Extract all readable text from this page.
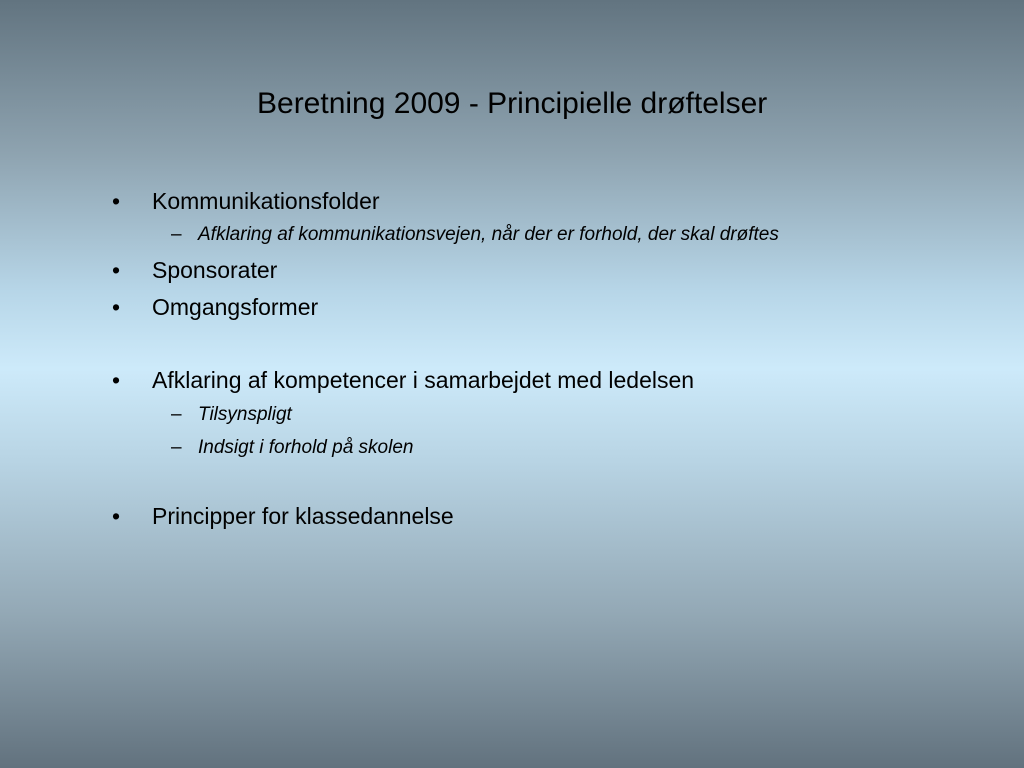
Beretning 2009 - Principielle drøftelser
•	Kommunikationsfolder
– Afklaring af kommunikationsvejen, når der er forhold, der skal drøftes
•	Sponsorater
•	Omgangsformer
•	Afklaring af kompetencer i samarbejdet med ledelsen
– Tilsynspligt
– Indsigt i forhold på skolen
•	Principper for klassedannelse
